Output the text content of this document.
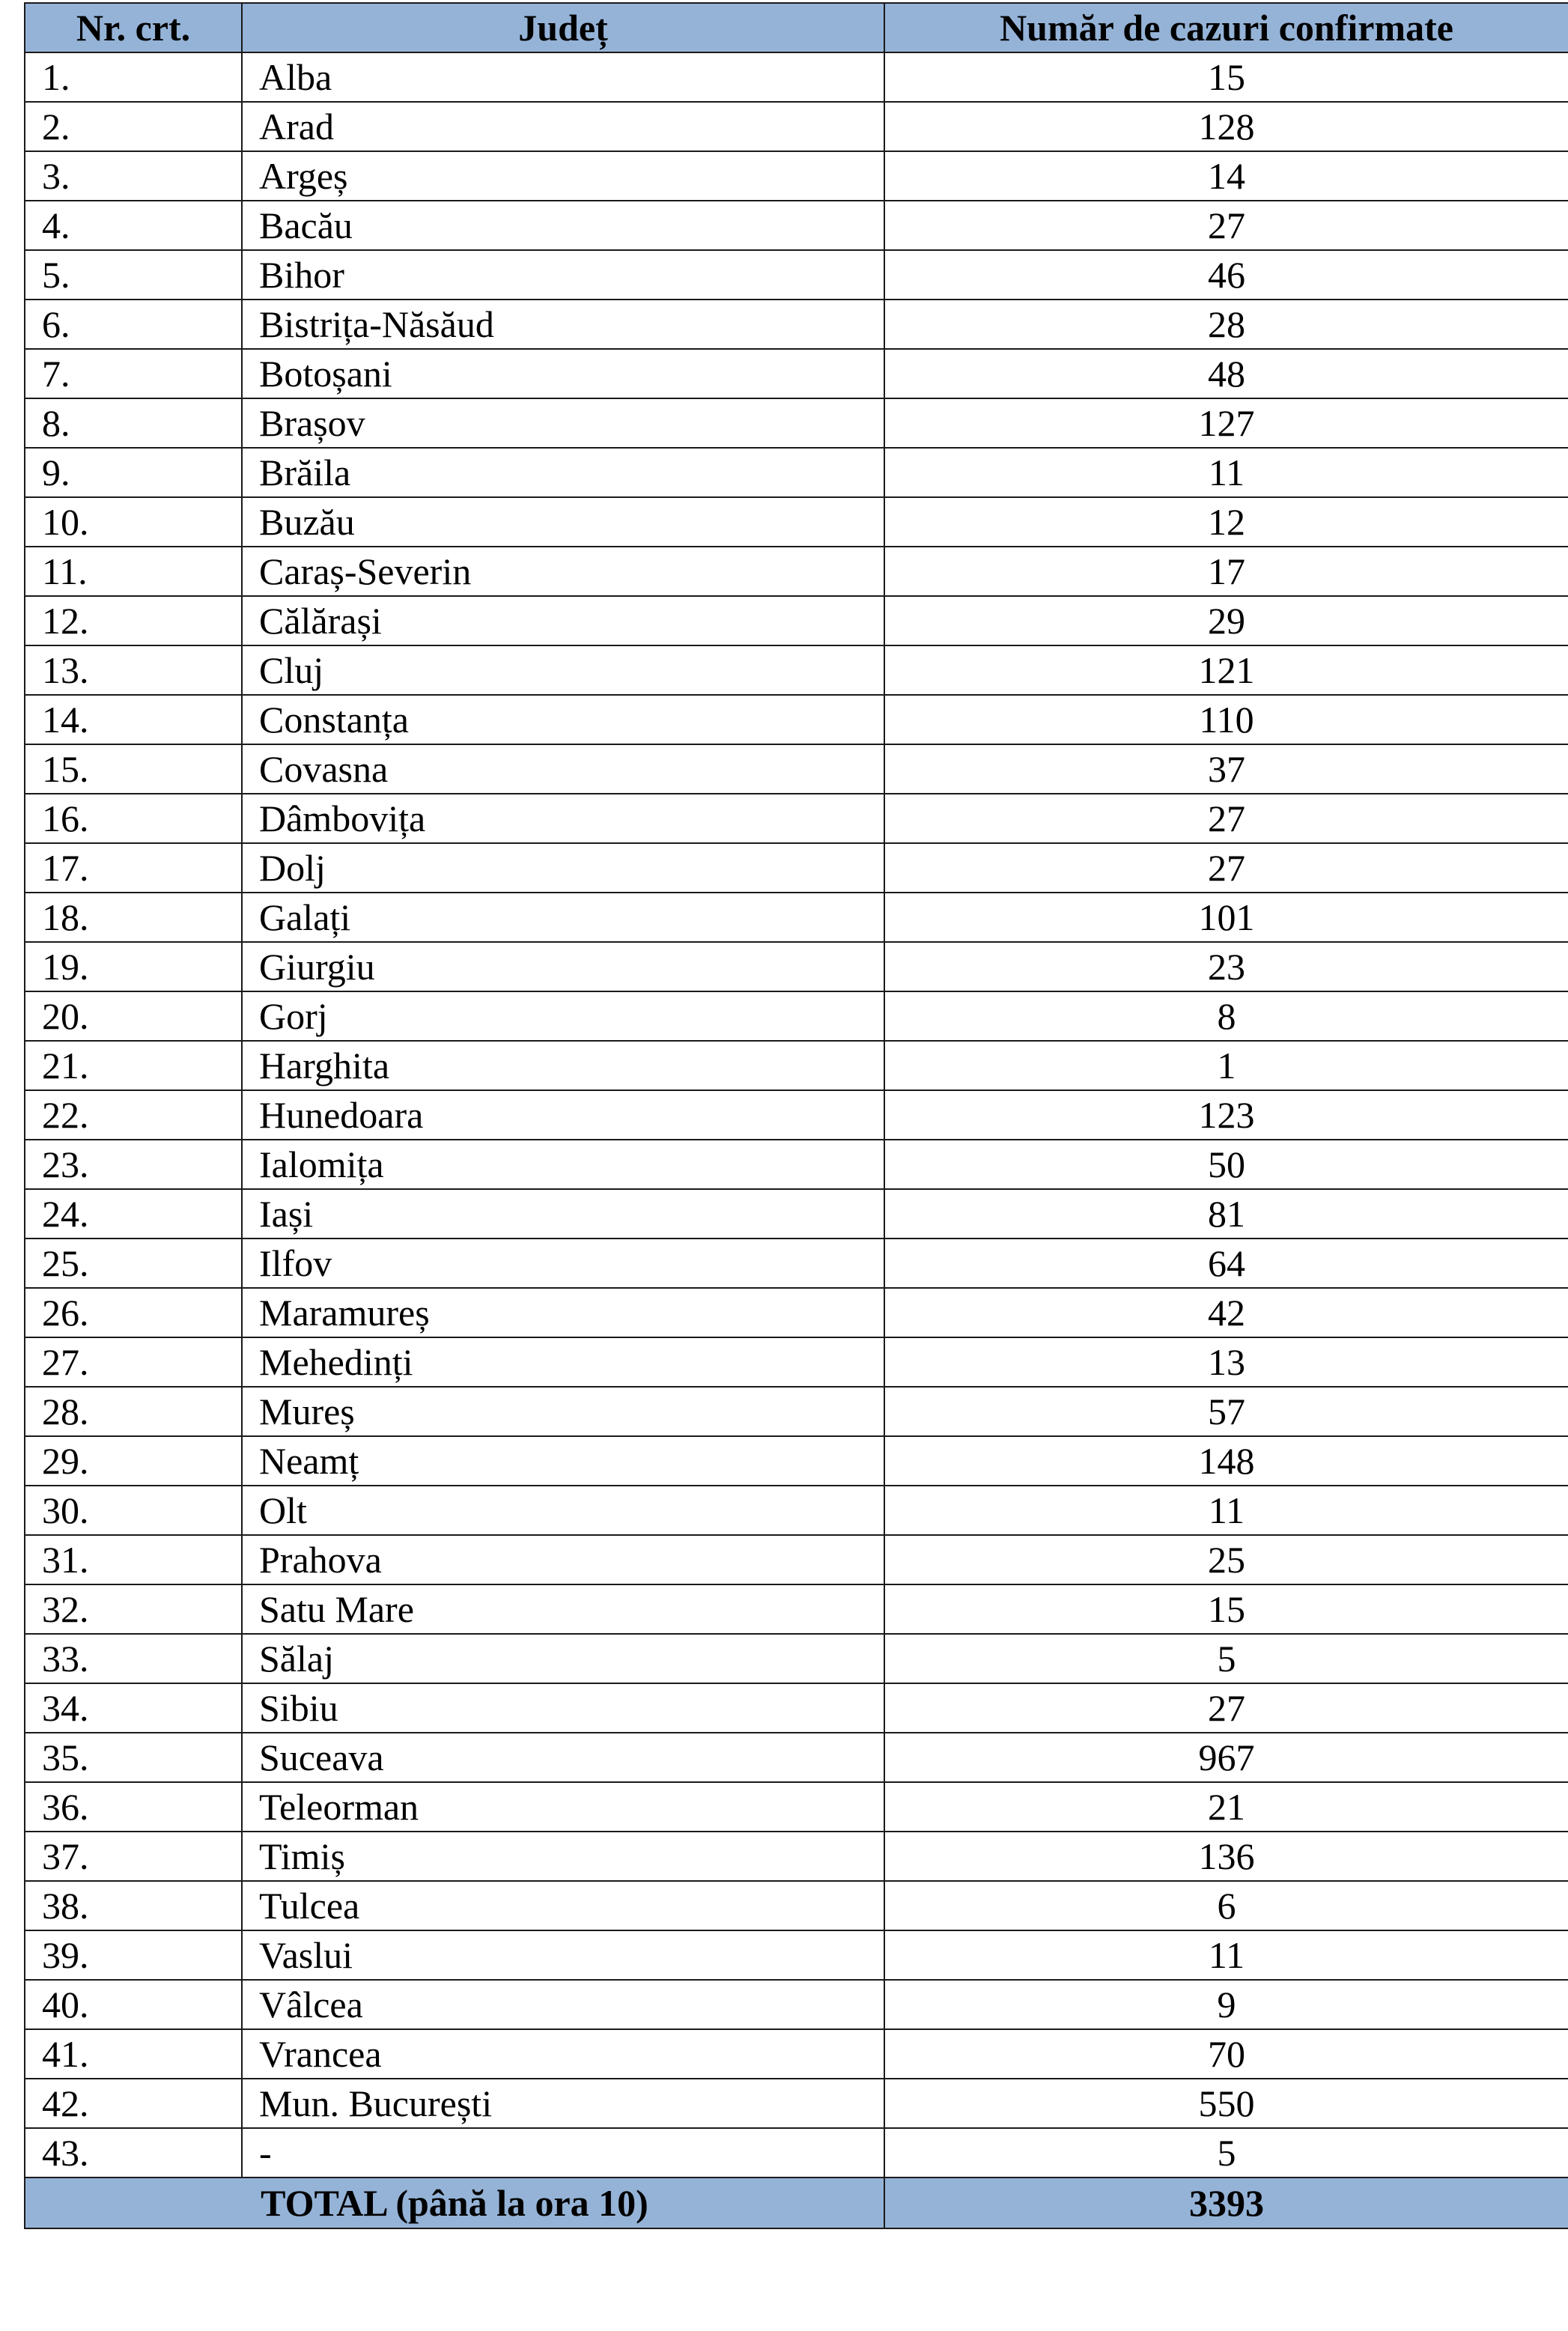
Nr. crt.	Județ	Număr de cazuri confirmate
1.	Alba	15
2.	Arad	128
3.	Argeș	14
4.	Bacău	27
5.	Bihor	46
6.	Bistrița-Năsăud	28
7.	Botoșani	48
8.	Brașov	127
9.	Brăila	11
10.	Buzău	12
11.	Caraș-Severin	17
12.	Călărași	29
13.	Cluj	121
14.	Constanța	110
15.	Covasna	37
16.	Dâmbovița	27
17.	Dolj	27
18.	Galați	101
19.	Giurgiu	23
20.	Gorj	8
21.	Harghita	1
22.	Hunedoara	123
23.	Ialomița	50
24.	Iași	81
25.	Ilfov	64
26.	Maramureș	42
27.	Mehedinți	13
28.	Mureș	57
29.	Neamț	148
30.	Olt	11
31.	Prahova	25
32.	Satu Mare	15
33.	Sălaj	5
34.	Sibiu	27
35.	Suceava	967
36.	Teleorman	21
37.	Timiș	136
38.	Tulcea	6
39.	Vaslui	11
40.	Vâlcea	9
41.	Vrancea	70
42.	Mun. București	550
43.	-	5
TOTAL (până la ora 10)		3393
